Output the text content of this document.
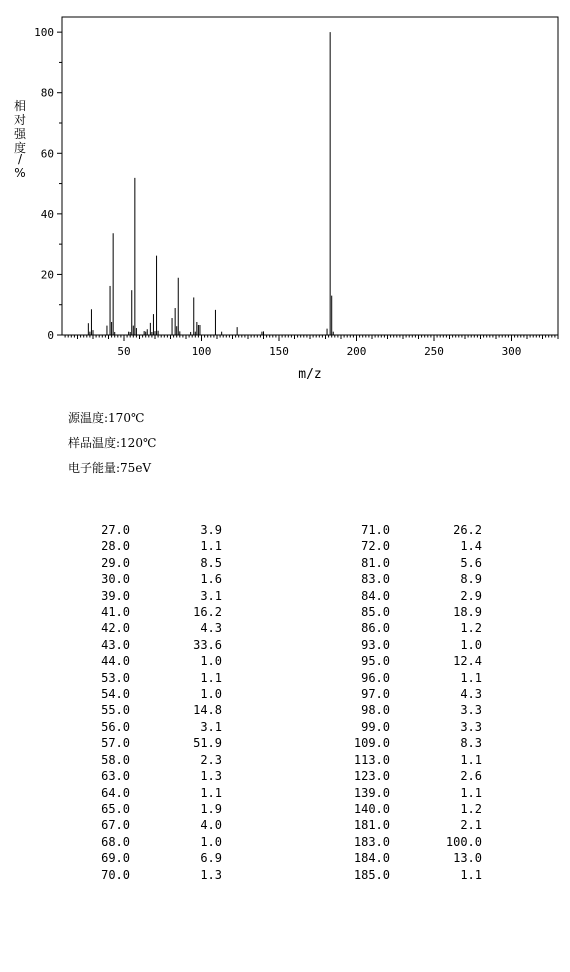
50	100	150	200	250	300
0
20
40
60
80
100
m/z
相对强度/ %
源温度:170℃
样品温度:120℃
电子能量:75eV
27.0	3.9	71.0	26.2
28.0	1.1	72.0	1.4
29.0	8.5	81.0	5.6
30.0	1.6	83.0	8.9
39.0	3.1	84.0	2.9
41.0	16.2	85.0	18.9
42.0	4.3	86.0	1.2
43.0	33.6	93.0	1.0
44.0	1.0	95.0	12.4
53.0	1.1	96.0	1.1
54.0	1.0	97.0	4.3
55.0	14.8	98.0	3.3
56.0	3.1	99.0	3.3
57.0	51.9	109.0	8.3
58.0	2.3	113.0	1.1
63.0	1.3	123.0	2.6
64.0	1.1	139.0	1.1
65.0	1.9	140.0	1.2
67.0	4.0	181.0	2.1
68.0	1.0	183.0	100.0
69.0	6.9	184.0	13.0
70.0	1.3	185.0	1.1
